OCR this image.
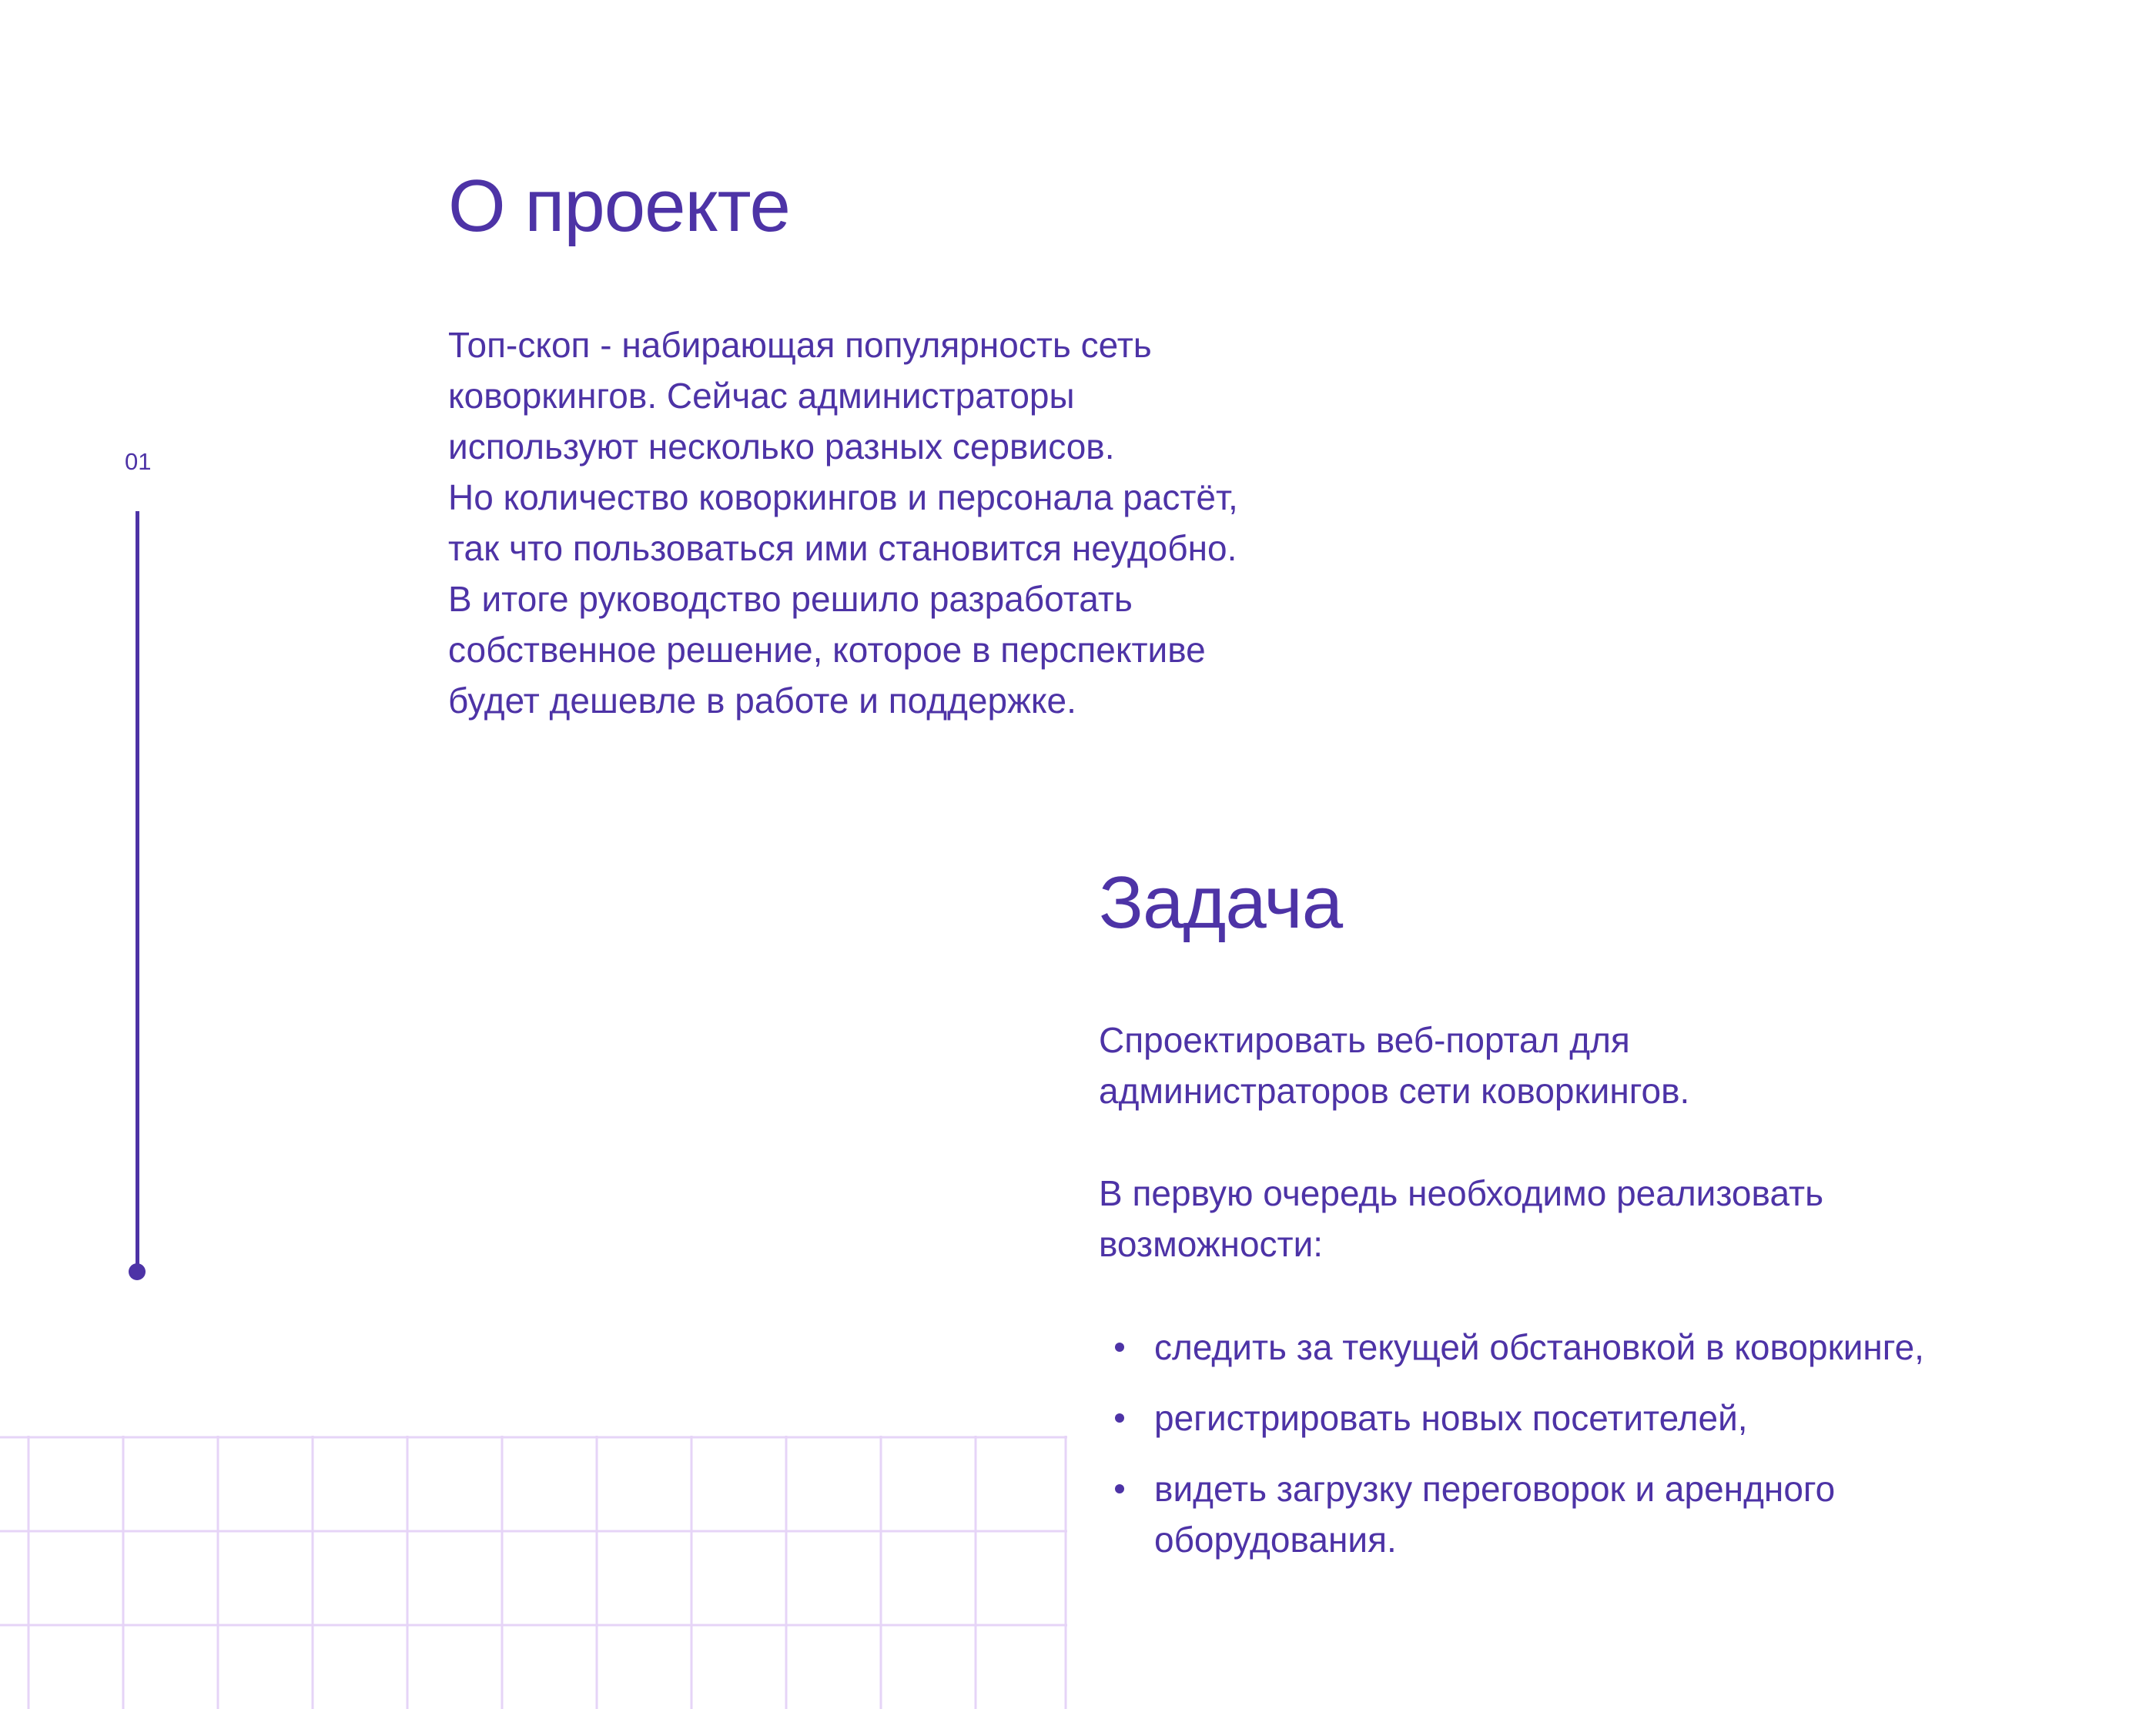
01
О проекте

Топ-скоп - набирающая популярность сеть

коворкингов. Сейчас администраторы

используют несколько разных сервисов.

Но количество коворкингов и персонала растёт,

так что пользоваться ими становится неудобно.

В итоге руководство решило разработать

собственное решение, которое в перспективе

будет дешевле в работе и поддержке.

Задача

Спроектировать веб-портал для

администраторов сети коворкингов.

В первую очередь необходимо реализовать

возможности:

следить за текущей обстановкой в коворкинге,
регистрировать новых посетителей,
видеть загрузку переговорок и арендного
оборудования.
